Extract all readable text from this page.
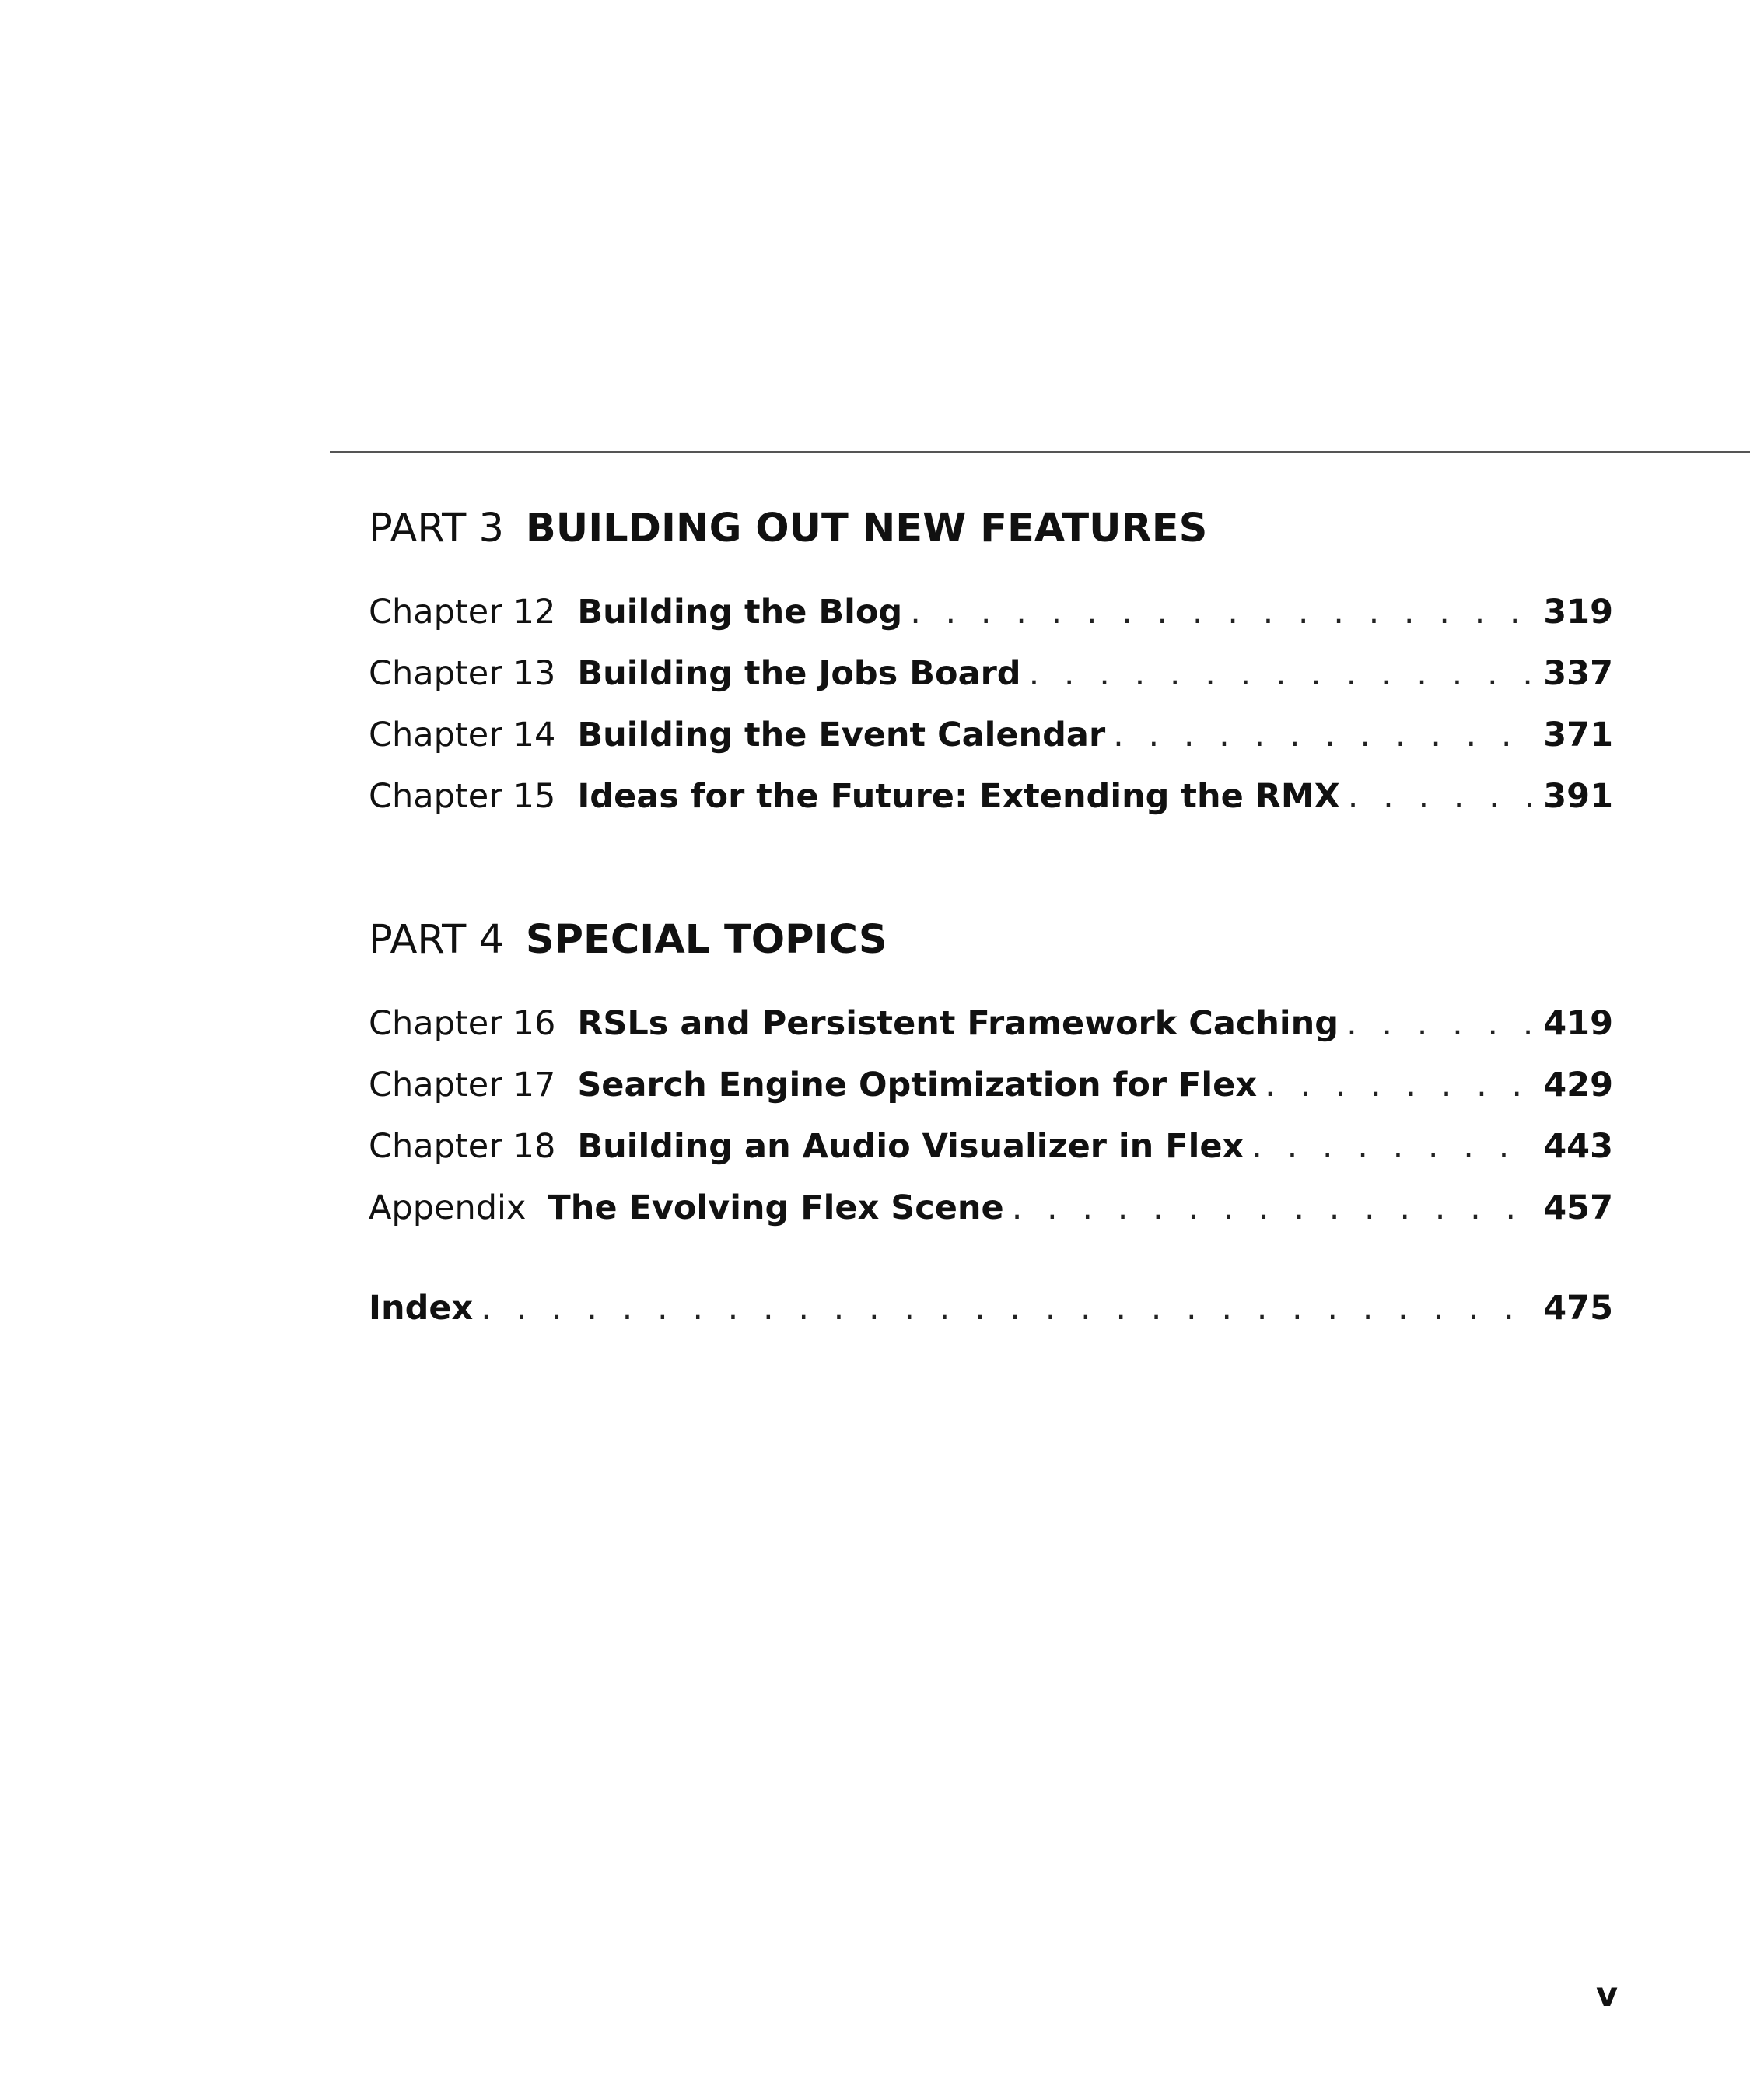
PART 3 BUILDING OUT NEW FEATURES
Chapter 12 Building the Blog . . .	319
Chapter 13 Building the Jobs Board . . .	337
Chapter 14 Building the Event Calendar . . .	371
Chapter 15 Ideas for the Future: Extending the RMX . . .	391
PART 4 SPECIAL TOPICS
Chapter 16 RSLs and Persistent Framework Caching . . .	419
Chapter 17 Search Engine Optimization for Flex . . .	429
Chapter 18 Building an Audio Visualizer in Flex . . .	443
Appendix The Evolving Flex Scene . . .	457
Index . . .	475
v
